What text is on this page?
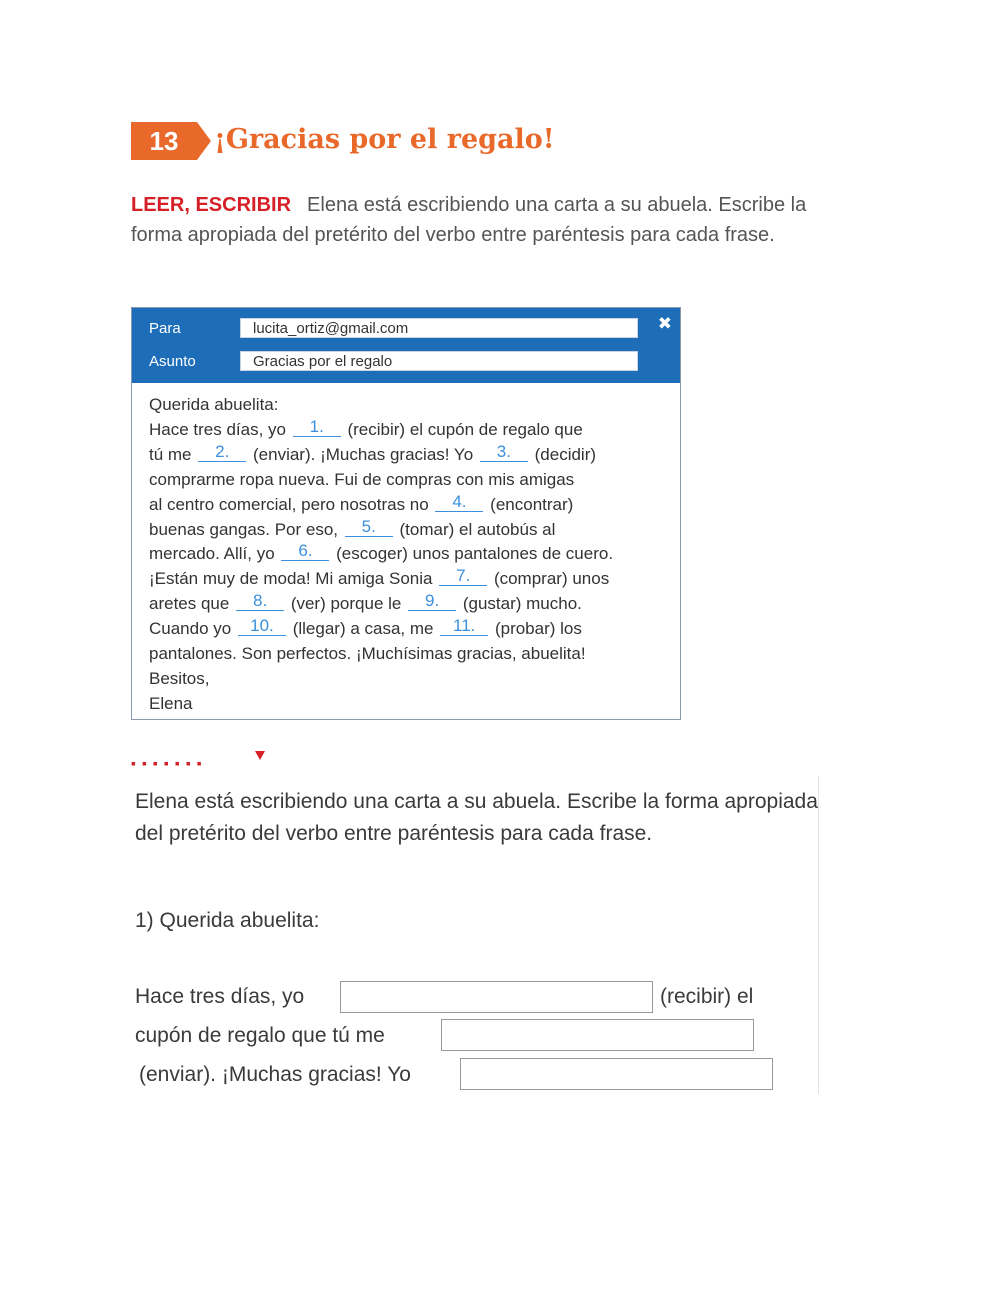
13 ¡Gracias por el regalo!
LEER, ESCRIBIR Elena está escribiendo una carta a su abuela. Escribe la forma apropiada del pretérito del verbo entre paréntesis para cada frase.
Para	lucita_ortiz@gmail.com
Asunto	Gracias por el regalo
✖
Querida abuelita:
Hace tres días, yo 1. (recibir) el cupón de regalo que
tú me 2. (enviar). ¡Muchas gracias! Yo 3. (decidir)
comprarme ropa nueva. Fui de compras con mis amigas
al centro comercial, pero nosotras no 4. (encontrar)
buenas gangas. Por eso, 5. (tomar) el autobús al
mercado. Allí, yo 6. (escoger) unos pantalones de cuero.
¡Están muy de moda! Mi amiga Sonia 7. (comprar) unos
aretes que 8. (ver) porque le 9. (gustar) mucho.
Cuando yo 10. (llegar) a casa, me 11. (probar) los
pantalones. Son perfectos. ¡Muchísimas gracias, abuelita!
Besitos,
Elena
▪▪▪▪▪▪▪
Elena está escribiendo una carta a su abuela. Escribe la forma apropiada del pretérito del verbo entre paréntesis para cada frase.
1) Querida abuelita:
Hace tres días, yo	(recibir) el
cupón de regalo que tú me
(enviar). ¡Muchas gracias! Yo
